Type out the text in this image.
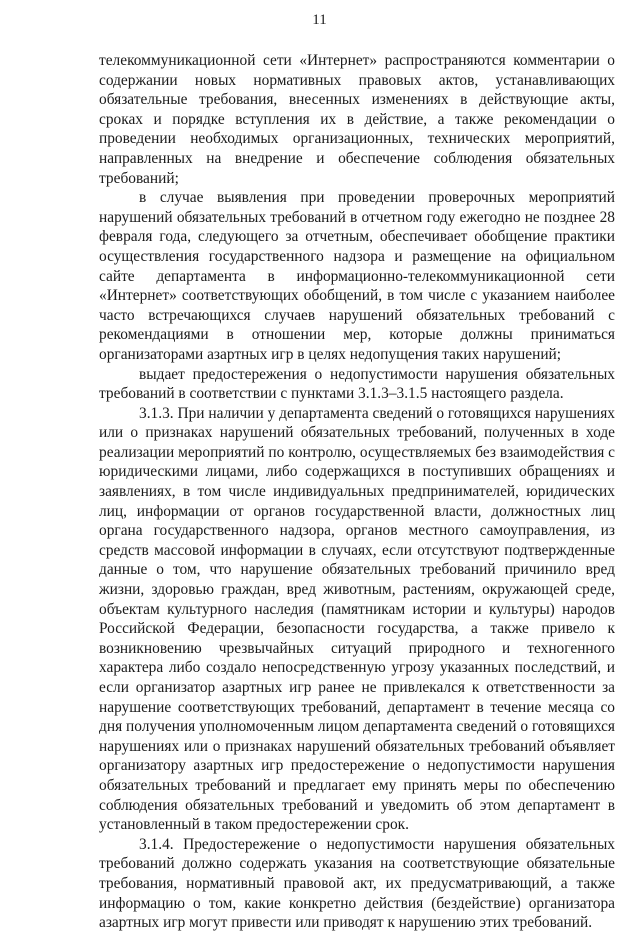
11

телекоммуникационной сети «Интернет» распространяются комментарии о содержании новых нормативных правовых актов, устанавливающих обязательные требования, внесенных изменениях в действующие акты, сроках и порядке вступления их в действие, а также рекомендации о проведении необходимых организационных, технических мероприятий, направленных на внедрение и обеспечение соблюдения обязательных требований;

в случае выявления при проведении проверочных мероприятий нарушений обязательных требований в отчетном году ежегодно не позднее 28 февраля года, следующего за отчетным, обеспечивает обобщение практики осуществления государственного надзора и размещение на официальном сайте департамента в информационно-телекоммуникационной сети «Интернет» соответствующих обобщений, в том числе с указанием наиболее часто встречающихся случаев нарушений обязательных требований с рекомендациями в отношении мер, которые должны приниматься организаторами азартных игр в целях недопущения таких нарушений;

выдает предостережения о недопустимости нарушения обязательных требований в соответствии с пунктами 3.1.3–3.1.5 настоящего раздела.

3.1.3. При наличии у департамента сведений о готовящихся нарушениях или о признаках нарушений обязательных требований, полученных в ходе реализации мероприятий по контролю, осуществляемых без взаимодействия с юридическими лицами, либо содержащихся в поступивших обращениях и заявлениях, в том числе индивидуальных предпринимателей, юридических лиц, информации от органов государственной власти, должностных лиц органа государственного надзора, органов местного самоуправления, из средств массовой информации в случаях, если отсутствуют подтвержденные данные о том, что нарушение обязательных требований причинило вред жизни, здоровью граждан, вред животным, растениям, окружающей среде, объектам культурного наследия (памятникам истории и культуры) народов Российской Федерации, безопасности государства, а также привело к возникновению чрезвычайных ситуаций природного и техногенного характера либо создало непосредственную угрозу указанных последствий, и если организатор азартных игр ранее не привлекался к ответственности за нарушение соответствующих требований, департамент в течение месяца со дня получения уполномоченным лицом департамента сведений о готовящихся нарушениях или о признаках нарушений обязательных требований объявляет организатору азартных игр предостережение о недопустимости нарушения обязательных требований и предлагает ему принять меры по обеспечению соблюдения обязательных требований и уведомить об этом департамент в установленный в таком предостережении срок.

3.1.4. Предостережение о недопустимости нарушения обязательных требований должно содержать указания на соответствующие обязательные требования, нормативный правовой акт, их предусматривающий, а также информацию о том, какие конкретно действия (бездействие) организатора азартных игр могут привести или приводят к нарушению этих требований.
